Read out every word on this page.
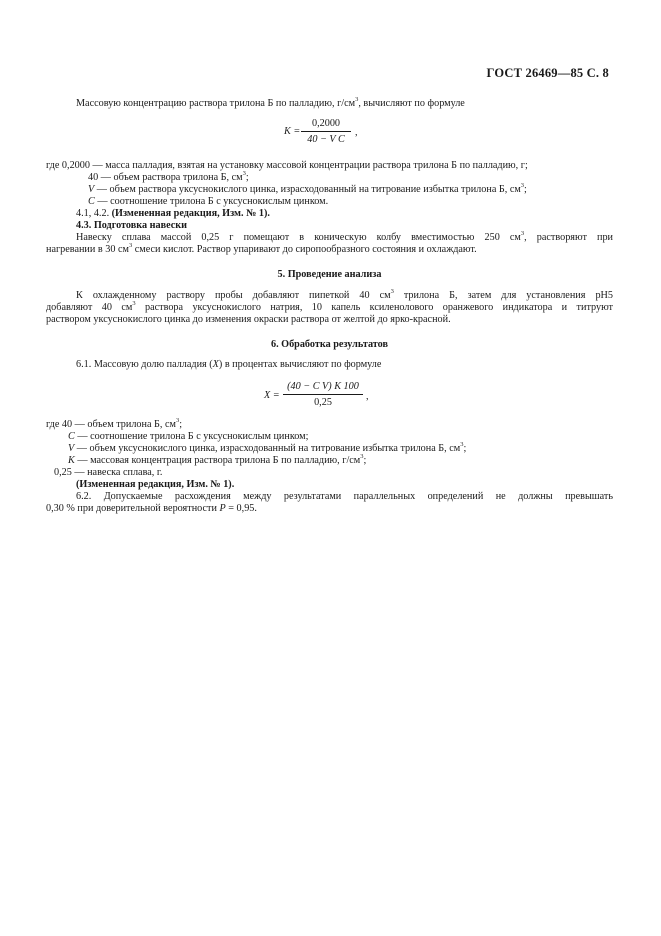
ГОСТ 26469—85 С. 8
Массовую концентрацию раствора трилона Б по палладию, $г/см^3$, вычисляют по формуле
K =
0,2000
40 − V C
,
где 0,2000 — масса палладия, взятая на установку массовой концентрации раствора трилона Б по палладию, г;
40 — объем раствора трилона Б, $см^3$;
V — объем раствора уксуснокислого цинка, израсходованный на титрование избытка трилона Б, $см^3$;
С — соотношение трилона Б с уксуснокислым цинком.
4.1, 4.2. (Измененная редакция, Изм. № 1).
4.3. Подготовка навески
Навеску сплава массой 0,25 г помещают в коническую колбу вместимостью 250 $см^3$, растворяют при
нагревании в 30 $см^3$ смеси кислот. Раствор упаривают до сиропообразного состояния и охлаждают.
5. Проведение анализа
К охлажденному раствору пробы добавляют пипеткой 40 $см^3$ трилона Б, затем для установления pH5
добавляют 40 $см^3$ раствора уксуснокислого натрия, 10 капель ксиленолового оранжевого индикатора и титруют
раствором уксуснокислого цинка до изменения окраски раствора от желтой до ярко-красной.
6. Обработка результатов
6.1. Массовую долю палладия (X) в процентах вычисляют по формуле
X =
(40 − C V) K 100
0,25
,
где 40 — объем трилона Б, $см^3$;
С — соотношение трилона Б с уксуснокислым цинком;
V — объем уксуснокислого цинка, израсходованный на титрование избытка трилона Б, $см^3$;
K — массовая концентрация раствора трилона Б по палладию, $г/см^3$;
0,25 — навеска сплава, г.
(Измененная редакция, Изм. № 1).
6.2. Допускаемые расхождения между результатами параллельных определений не должны превышать
0,30 % при доверительной вероятности P = 0,95.
